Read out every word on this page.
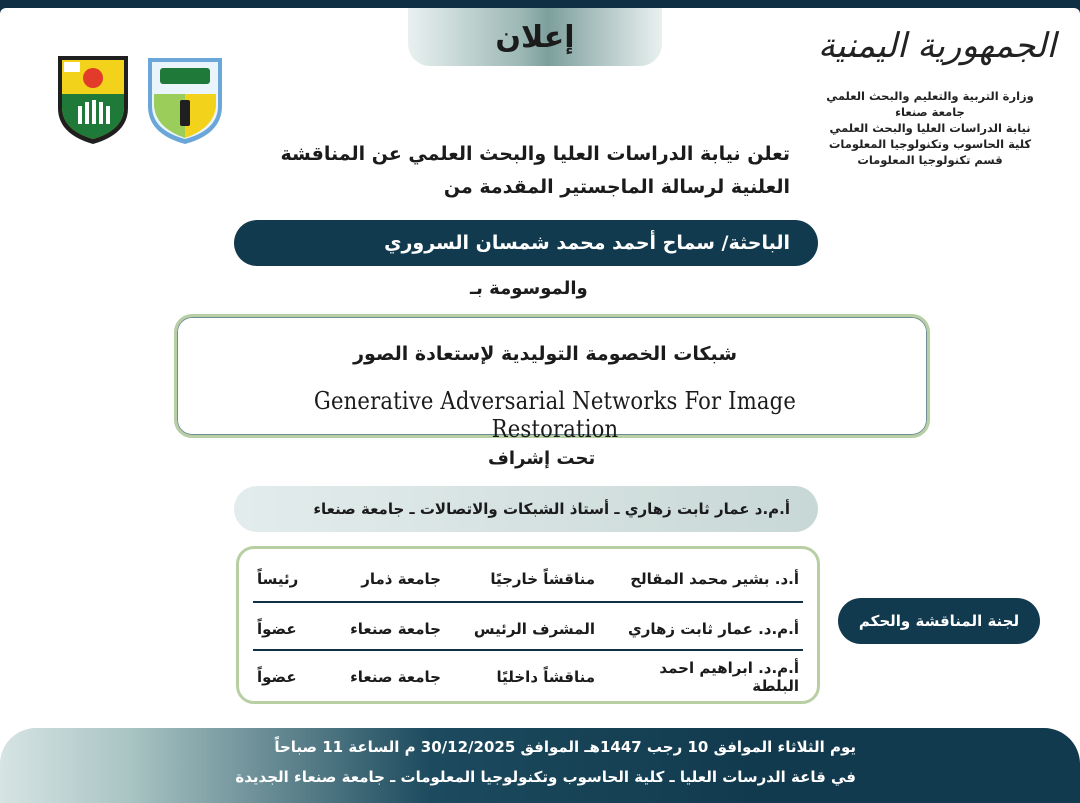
إعلان	الجمهورية اليمنية
وزارة التربية والتعليم والبحث العلمي
جامعة صنعاء
نيابة الدراسات العليا والبحث العلمي
كلية الحاسوب وتكنولوجيا المعلومات
قسم تكنولوجيا المعلومات
تعلن نيابة الدراسات العليا والبحث العلمي عن المناقشة
العلنية لرسالة الماجستير المقدمة من
الباحثة/ سماح أحمد محمد شمسان السروري
والموسومة بـ
شبكات الخصومة التوليدية لإستعادة الصور
Generative Adversarial Networks For Image Restoration
تحت إشراف
أ.م.د عمار ثابت زهاري ـ أستاذ الشبكات والاتصالات ـ جامعة صنعاء
أ.د. بشير محمد المقالح
مناقشاً خارجيًا
جامعة ذمار
رئيساً
أ.م.د. عمار ثابت زهاري
المشرف الرئيس
جامعة صنعاء
عضواً
أ.م.د. ابراهيم احمد البلطة
مناقشاً داخليًا
جامعة صنعاء
عضواً
لجنة المناقشة والحكم
يوم الثلاثاء الموافق 10 رجب 1447هـ الموافق 30/12/2025 م الساعة 11 صباحاً
في قاعة الدرسات العليا ـ كلية الحاسوب وتكنولوجيا المعلومات ـ جامعة صنعاء الجديدة
